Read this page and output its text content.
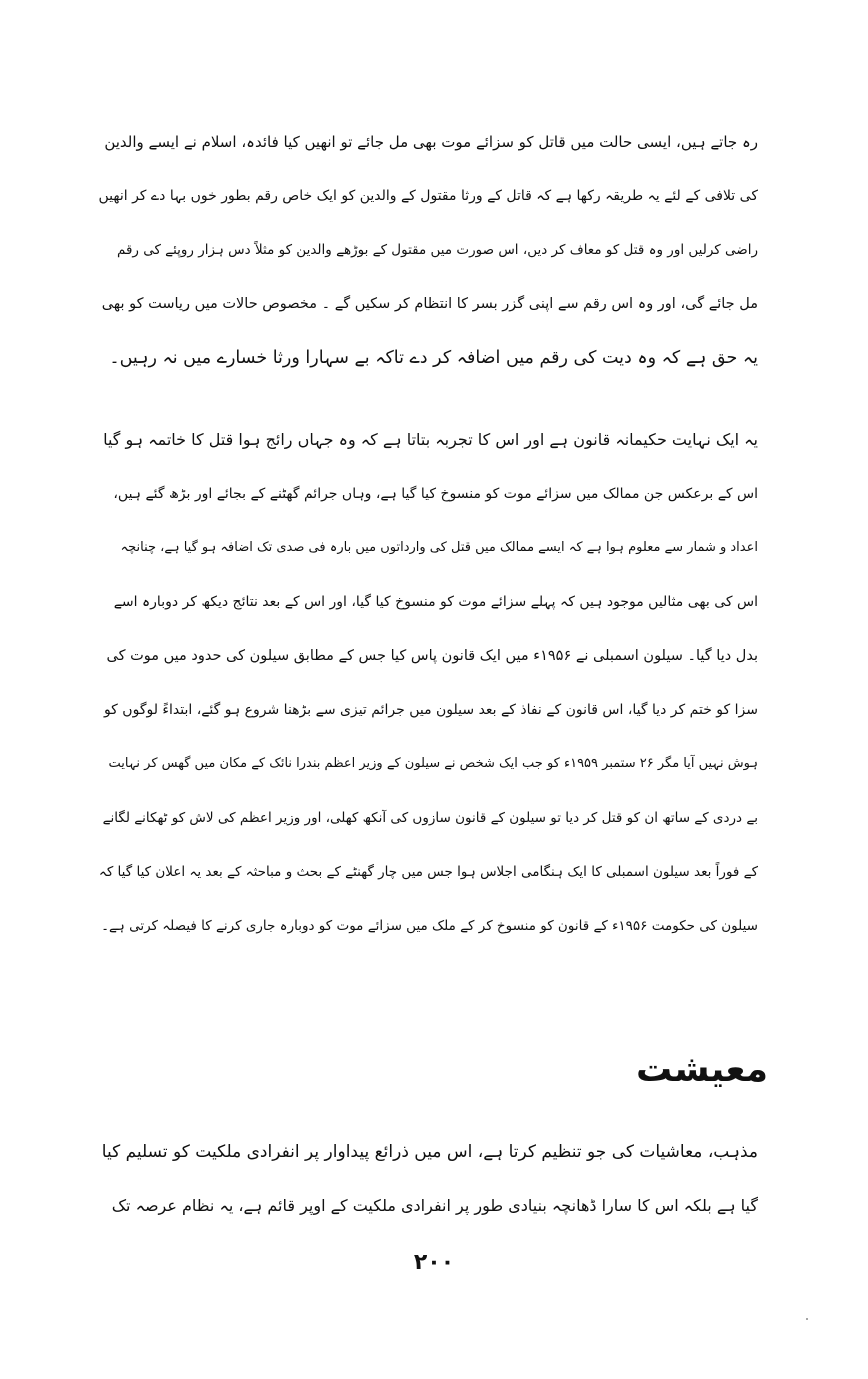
رہ جاتے ہیں، ایسی حالت میں قاتل کو سزائے موت بھی مل جائے تو انھیں کیا فائدہ، اسلام نے ایسے والدین
کی تلافی کے لئے یہ طریقہ رکھا ہے کہ قاتل کے ورثا مقتول کے والدین کو ایک خاص رقم بطور خوں بہا دے کر انھیں
راضی کرلیں اور وہ قتل کو معاف کر دیں، اس صورت میں مقتول کے بوڑھے والدین کو مثلاً دس ہزار روپئے کی رقم
مل جائے گی، اور وہ اس رقم سے اپنی گزر بسر کا انتظام کر سکیں گے ۔ مخصوص حالات میں ریاست کو بھی
یہ حق ہے کہ وہ دیت کی رقم میں اضافہ کر دے تاکہ بے سہارا ورثا خسارے میں نہ رہیں۔
یہ ایک نہایت حکیمانہ قانون ہے اور اس کا تجربہ بتاتا ہے کہ وہ جہاں رائج ہوا قتل کا خاتمہ ہو گیا
اس کے برعکس جن ممالک میں سزائے موت کو منسوخ کیا گیا ہے، وہاں جرائم گھٹنے کے بجائے اور بڑھ گئے ہیں،
اعداد و شمار سے معلوم ہوا ہے کہ ایسے ممالک میں قتل کی وارداتوں میں بارہ فی صدی تک اضافہ ہو گیا ہے، چنانچہ
اس کی بھی مثالیں موجود ہیں کہ پہلے سزائے موت کو منسوخ کیا گیا، اور اس کے بعد نتائج دیکھ کر دوبارہ اسے
بدل دیا گیا۔ سیلون اسمبلی نے ۱۹۵۶ء میں ایک قانون پاس کیا جس کے مطابق سیلون کی حدود میں موت کی
سزا کو ختم کر دیا گیا، اس قانون کے نفاذ کے بعد سیلون میں جرائم تیزی سے بڑھنا شروع ہو گئے، ابتداءً لوگوں کو
ہوش نہیں آیا مگر ۲۶ ستمبر ۱۹۵۹ء کو جب ایک شخص نے سیلون کے وزیر اعظم بندرا نائک کے مکان میں گھس کر نہایت
بے دردی کے ساتھ ان کو قتل کر دیا تو سیلون کے قانون سازوں کی آنکھ کھلی، اور وزیر اعظم کی لاش کو ٹھکانے لگانے
کے فوراً بعد سیلون اسمبلی کا ایک ہنگامی اجلاس ہوا جس میں چار گھنٹے کے بحث و مباحثہ کے بعد یہ اعلان کیا گیا کہ
سیلون کی حکومت ۱۹۵۶ء کے قانون کو منسوخ کر کے ملک میں سزائے موت کو دوبارہ جاری کرنے کا فیصلہ کرتی ہے۔
معیشت
مذہب، معاشیات کی جو تنظیم کرتا ہے، اس میں ذرائع پیداوار پر انفرادی ملکیت کو تسلیم کیا
گیا ہے بلکہ اس کا سارا ڈھانچہ بنیادی طور پر انفرادی ملکیت کے اوپر قائم ہے، یہ نظام عرصہ تک
۲۰۰
